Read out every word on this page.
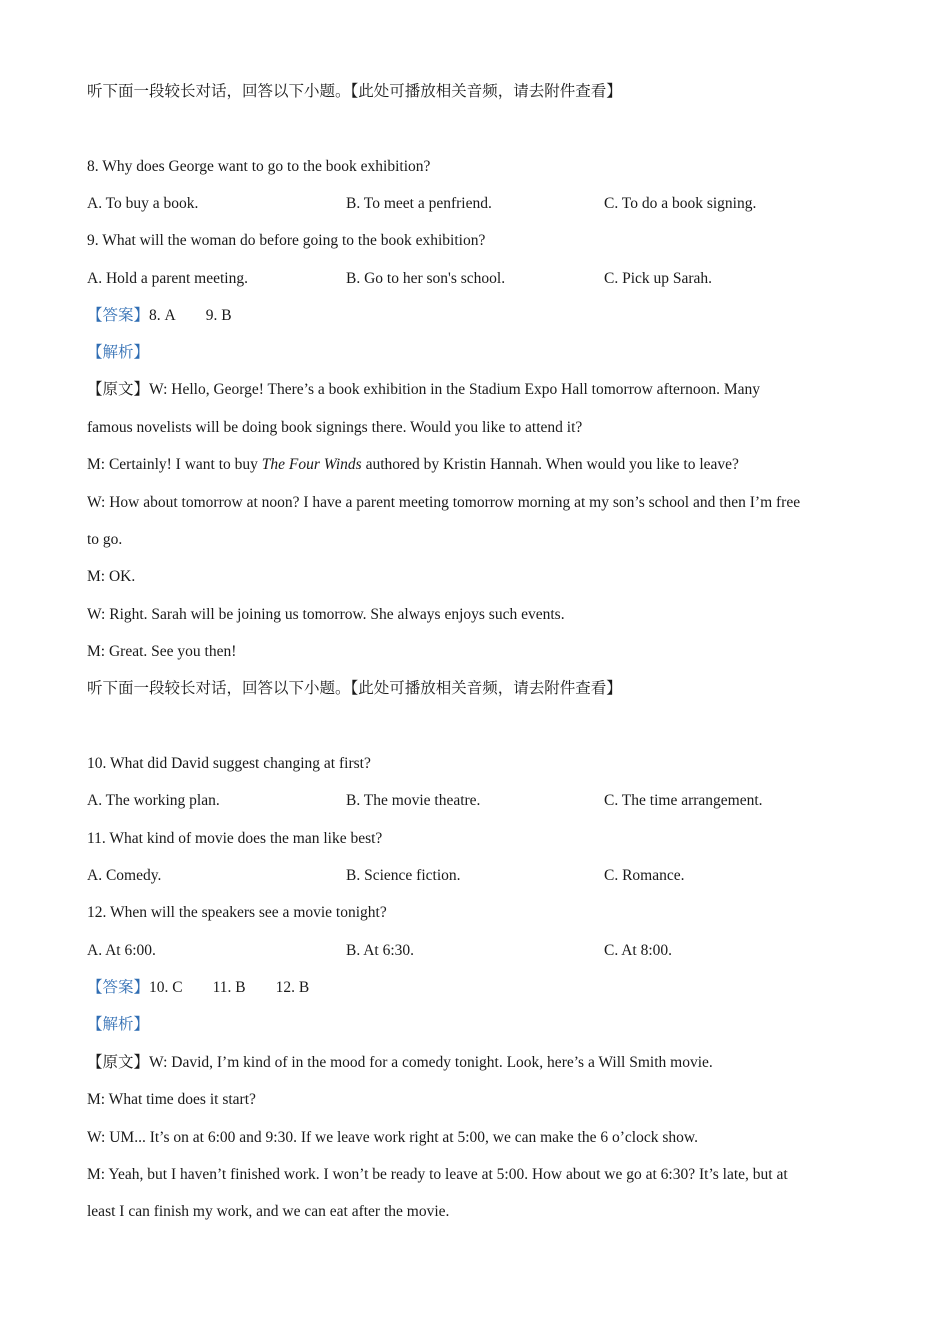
听下面一段较长对话，回答以下小题。【此处可播放相关音频，请去附件查看】
8. Why does George want to go to the book exhibition?
A. To buy a book.	B. To meet a penfriend.	C. To do a book signing.
9. What will the woman do before going to the book exhibition?
A. Hold a parent meeting.	B. Go to her son's school.	C. Pick up Sarah.
【答案】8. A 9. B
【解析】
【原文】W: Hello, George! There’s a book exhibition in the Stadium Expo Hall tomorrow afternoon. Many
famous novelists will be doing book signings there. Would you like to attend it?
M: Certainly! I want to buy The Four Winds authored by Kristin Hannah. When would you like to leave?
W: How about tomorrow at noon? I have a parent meeting tomorrow morning at my son’s school and then I’m free
to go.
M: OK.
W: Right. Sarah will be joining us tomorrow. She always enjoys such events.
M: Great. See you then!
听下面一段较长对话，回答以下小题。【此处可播放相关音频，请去附件查看】
10. What did David suggest changing at first?
A. The working plan.	B. The movie theatre.	C. The time arrangement.
11. What kind of movie does the man like best?
A. Comedy.	B. Science fiction.	C. Romance.
12. When will the speakers see a movie tonight?
A. At 6:00.	B. At 6:30.	C. At 8:00.
【答案】10. C 11. B 12. B
【解析】
【原文】W: David, I’m kind of in the mood for a comedy tonight. Look, here’s a Will Smith movie.
M: What time does it start?
W: UM... It’s on at 6:00 and 9:30. If we leave work right at 5:00, we can make the 6 o’clock show.
M: Yeah, but I haven’t finished work. I won’t be ready to leave at 5:00. How about we go at 6:30? It’s late, but at
least I can finish my work, and we can eat after the movie.
